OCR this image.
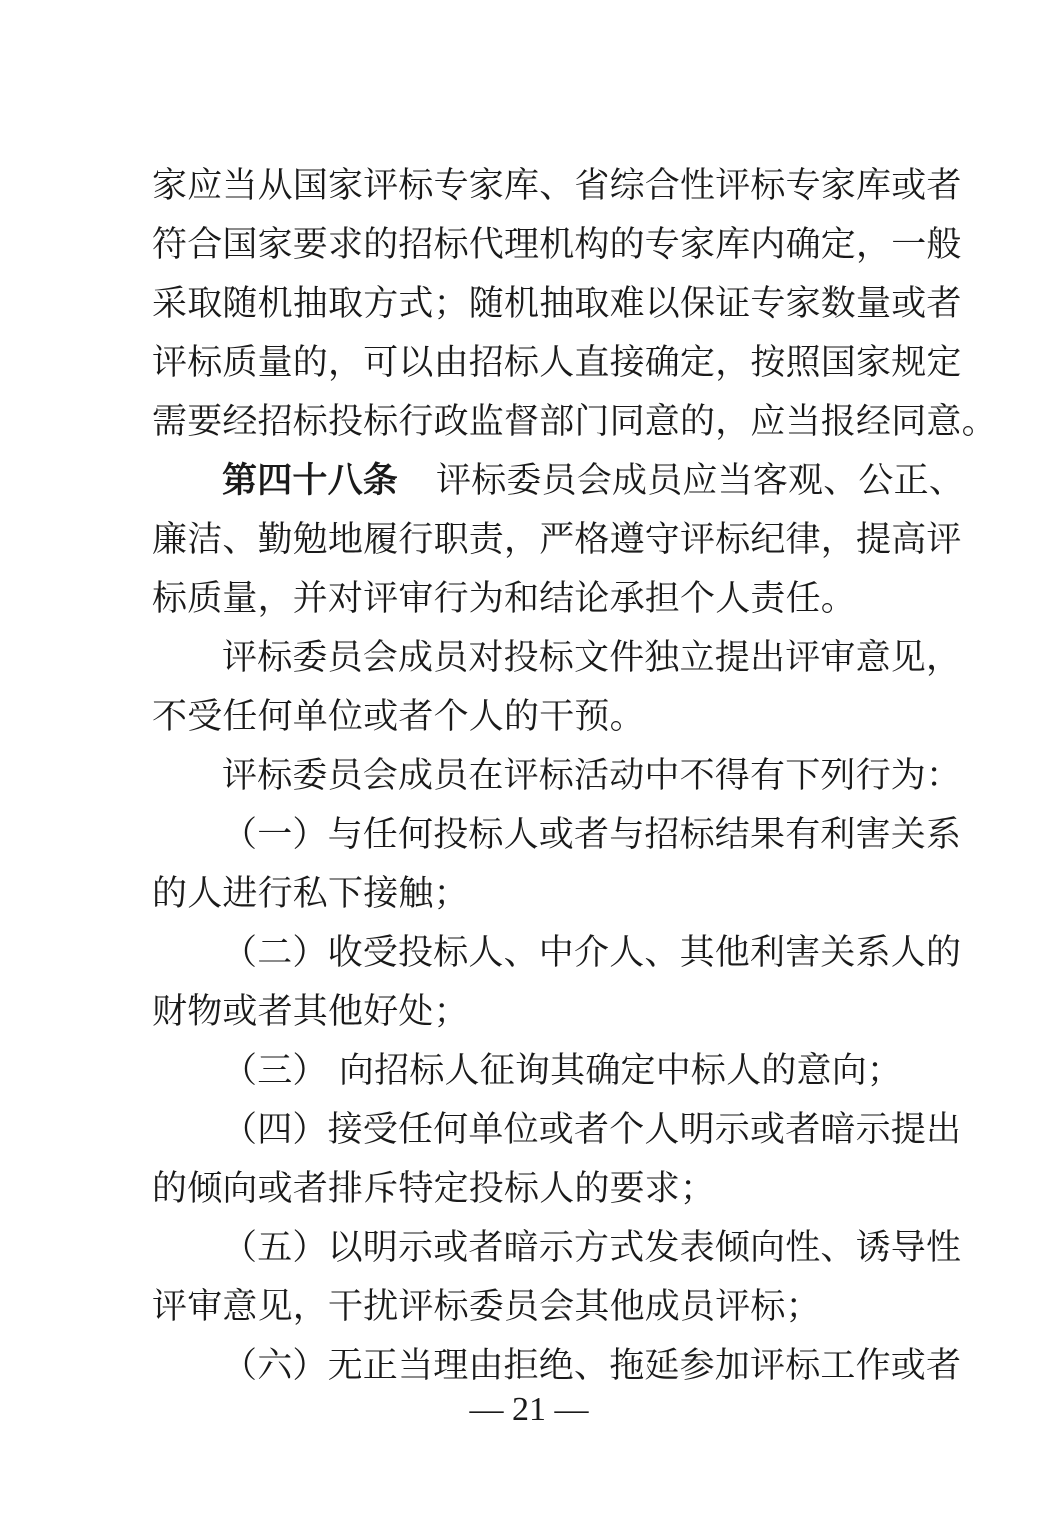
家应当从国家评标专家库、省综合性评标专家库或者
符合国家要求的招标代理机构的专家库内确定，一般
采取随机抽取方式；随机抽取难以保证专家数量或者
评标质量的，可以由招标人直接确定，按照国家规定
需要经招标投标行政监督部门同意的，应当报经同意。
第四十八条 评标委员会成员应当客观、公正、
廉洁、勤勉地履行职责，严格遵守评标纪律，提高评
标质量，并对评审行为和结论承担个人责任。
评标委员会成员对投标文件独立提出评审意见，
不受任何单位或者个人的干预。
评标委员会成员在评标活动中不得有下列行为：
（一）与任何投标人或者与招标结果有利害关系
的人进行私下接触；
（二）收受投标人、中介人、其他利害关系人的
财物或者其他好处；
（三） 向招标人征询其确定中标人的意向；
（四）接受任何单位或者个人明示或者暗示提出
的倾向或者排斥特定投标人的要求；
（五）以明示或者暗示方式发表倾向性、诱导性
评审意见，干扰评标委员会其他成员评标；
（六）无正当理由拒绝、拖延参加评标工作或者
— 21 —
